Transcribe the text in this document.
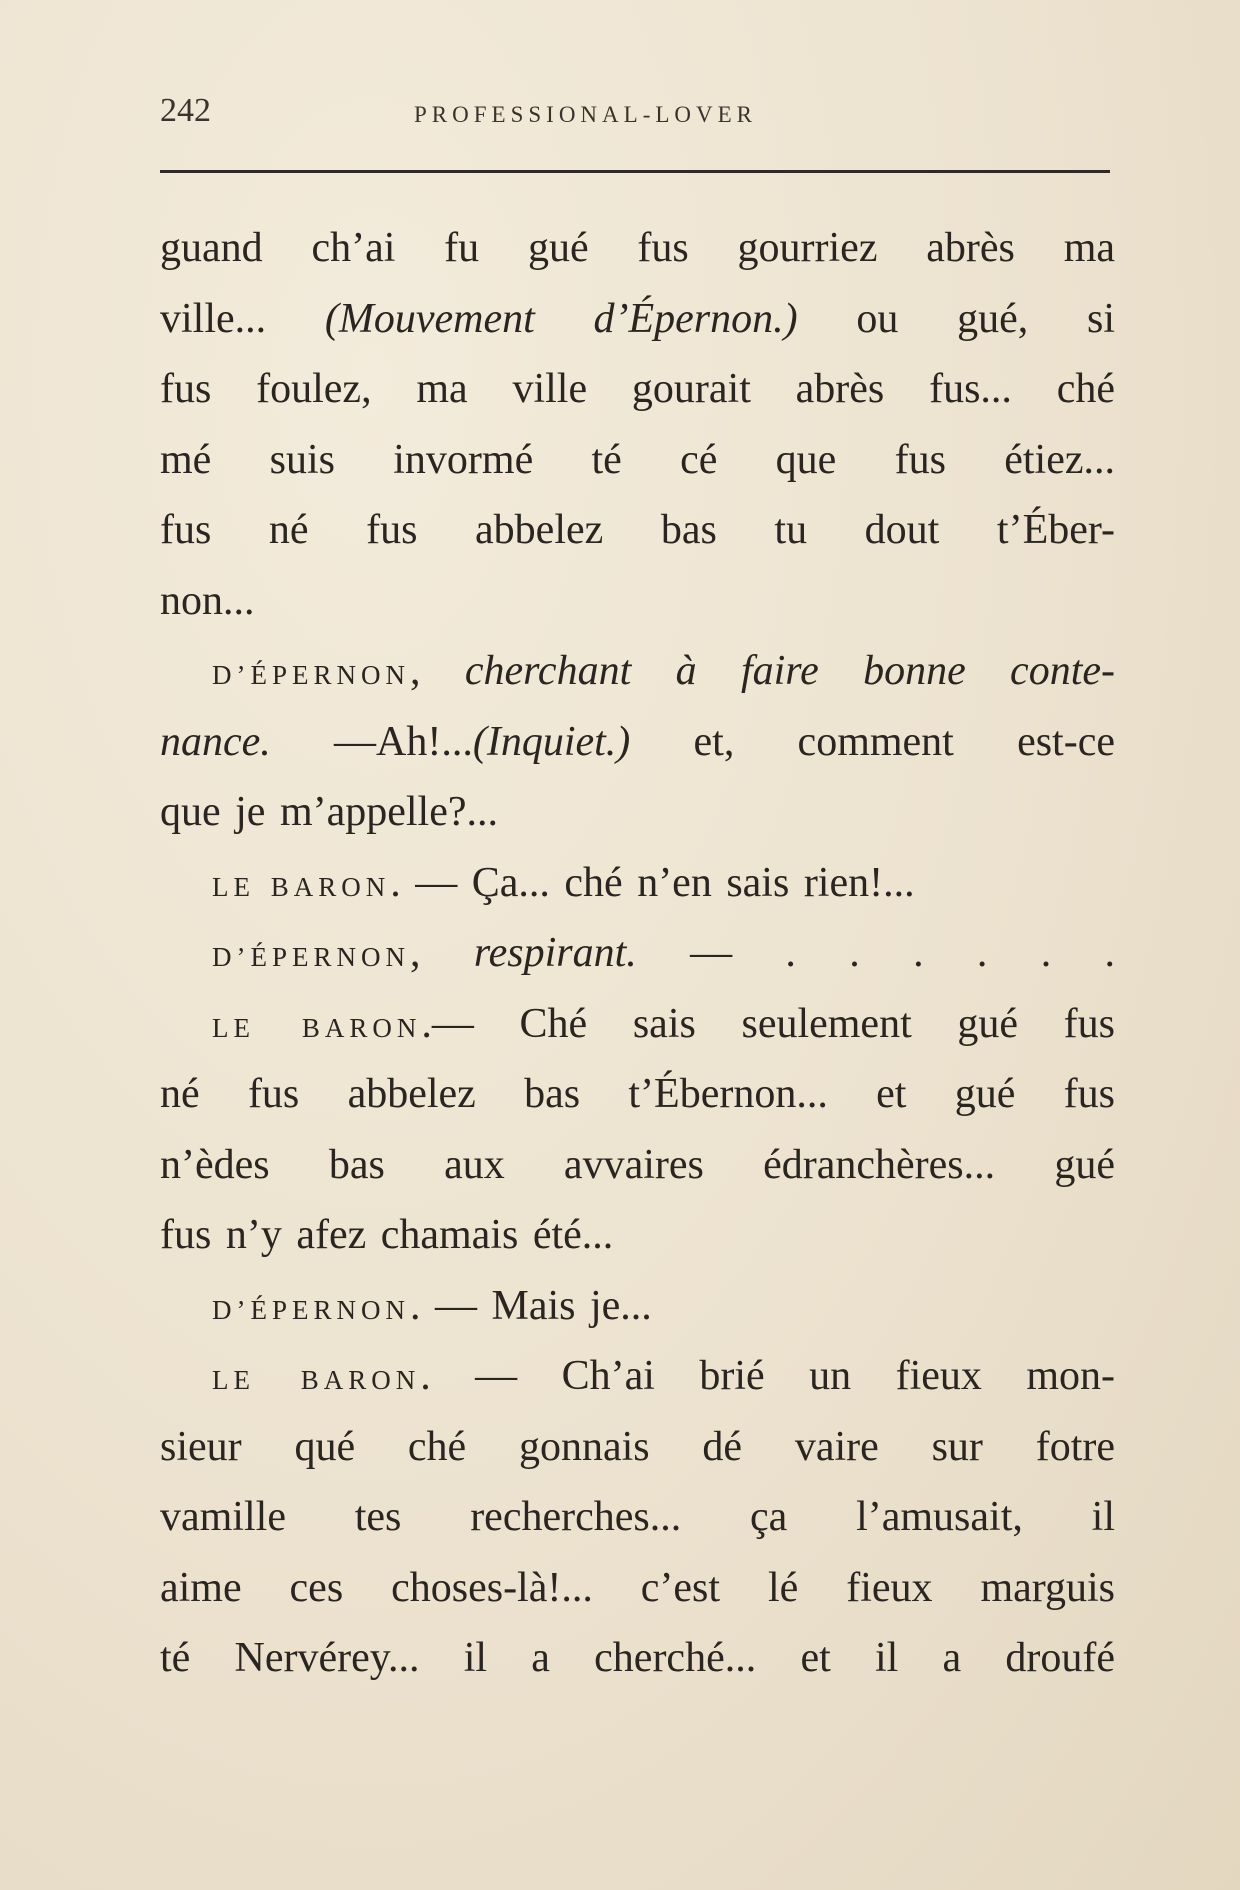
242	PROFESSIONAL-LOVER
guand ch’ai fu gué fus gourriez abrès ma
ville... (Mouvement d’Épernon.) ou gué, si
fus foulez, ma ville gourait abrès fus... ché
mé suis invormé té cé que fus étiez...
fus né fus abbelez bas tu dout t’Éber-
non...
D’ÉPERNON, cherchant à faire bonne conte-
nance. —Ah!...(Inquiet.) et, comment est-ce
que je m’appelle?...
LE BARON. — Ça... ché n’en sais rien!...
D’ÉPERNON, respirant. — . . . . . .
LE BARON.— Ché sais seulement gué fus
né fus abbelez bas t’Ébernon... et gué fus
n’èdes bas aux avvaires édranchères... gué
fus n’y afez chamais été...
D’ÉPERNON. — Mais je...
LE BARON. — Ch’ai brié un fieux mon-
sieur qué ché gonnais dé vaire sur fotre
vamille tes recherches... ça l’amusait, il
aime ces choses-là!... c’est lé fieux marguis
té Nervérey... il a cherché... et il a droufé
